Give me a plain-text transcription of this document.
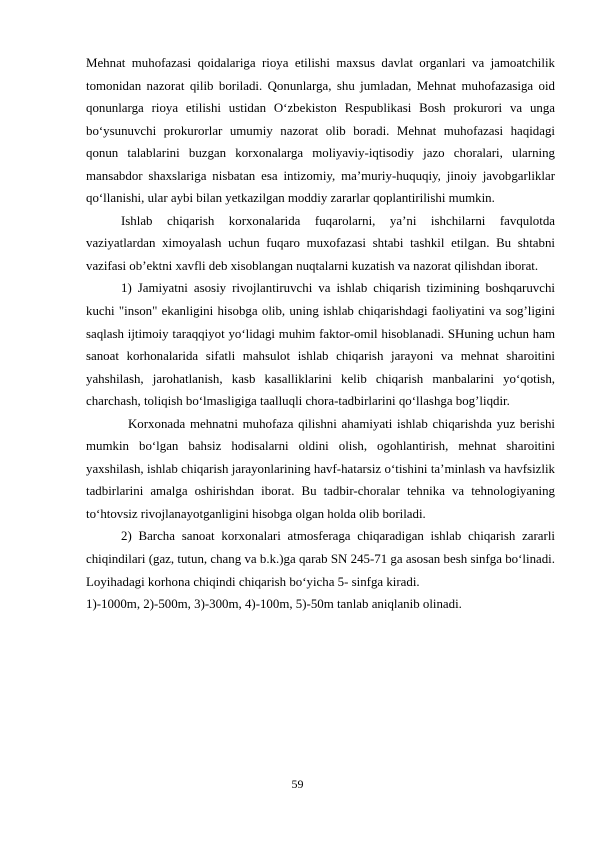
Mehnat muhofazasi qoidalariga rioya etilishi maxsus davlat organlari va jamoatchilik tomonidan nazorat qilib boriladi. Qonunlarga, shu jumladan, Mehnat muhofazasiga oid qonunlarga rioya etilishi ustidan O‘zbekiston Respublikasi Bosh prokurori va unga bo‘ysunuvchi prokurorlar umumiy nazorat olib boradi. Mehnat muhofazasi haqidagi qonun talablarini buzgan korxonalarga moliyaviy-iqtisodiy jazo choralari, ularning mansabdor shaxslariga nisbatan esa intizomiy, ma’muriy-huquqiy, jinoiy javobgarliklar qo‘llanishi, ular aybi bilan yetkazilgan moddiy zararlar qoplantirilishi mumkin.

Ishlab chiqarish korxonalarida fuqarolarni, ya’ni ishchilarni favqulotda vaziyatlardan ximoyalash uchun fuqaro muxofazasi shtabi tashkil etilgan. Bu shtabni vazifasi ob’ektni xavfli deb xisoblangan nuqtalarni kuzatish va nazorat qilishdan iborat.

1) Jamiyatni asosiy rivojlantiruvchi va ishlab chiqarish tizimining boshqaruvchi kuchi "inson" ekanligini hisobga olib, uning ishlab chiqarishdagi faoliyatini va sog’ligini saqlash ijtimoiy taraqqiyot yo‘lidagi muhim faktor-omil hisoblanadi. SHuning uchun ham sanoat korhonalarida sifatli mahsulot ishlab chiqarish jarayoni va mehnat sharoitini yahshilash, jarohatlanish, kasb kasalliklarini kelib chiqarish manbalarini yo‘qotish, charchash, toliqish bo‘lmasligiga taalluqli chora-tadbirlarini qo‘llashga bog’liqdir.

Korxonada mehnatni muhofaza qilishni ahamiyati ishlab chiqarishda yuz berishi mumkin bo‘lgan bahsiz hodisalarni oldini olish, ogohlantirish, mehnat sharoitini yaxshilash, ishlab chiqarish jarayonlarining havf-hatarsiz o‘tishini ta’minlash va havfsizlik tadbirlarini amalga oshirishdan iborat. Bu tadbir-choralar tehnika va tehnologiyaning to‘htovsiz rivojlanayotganligini hisobga olgan holda olib boriladi.

2) Barcha sanoat korxonalari atmosferaga chiqaradigan ishlab chiqarish zararli chiqindilari (gaz, tutun, chang va b.k.)ga qarab SN 245-71 ga asosan besh sinfga bo‘linadi. Loyihadagi korhona chiqindi chiqarish bo‘yicha 5- sinfga kiradi.

1)-1000m, 2)-500m, 3)-300m, 4)-100m, 5)-50m tanlab aniqlanib olinadi.

59
